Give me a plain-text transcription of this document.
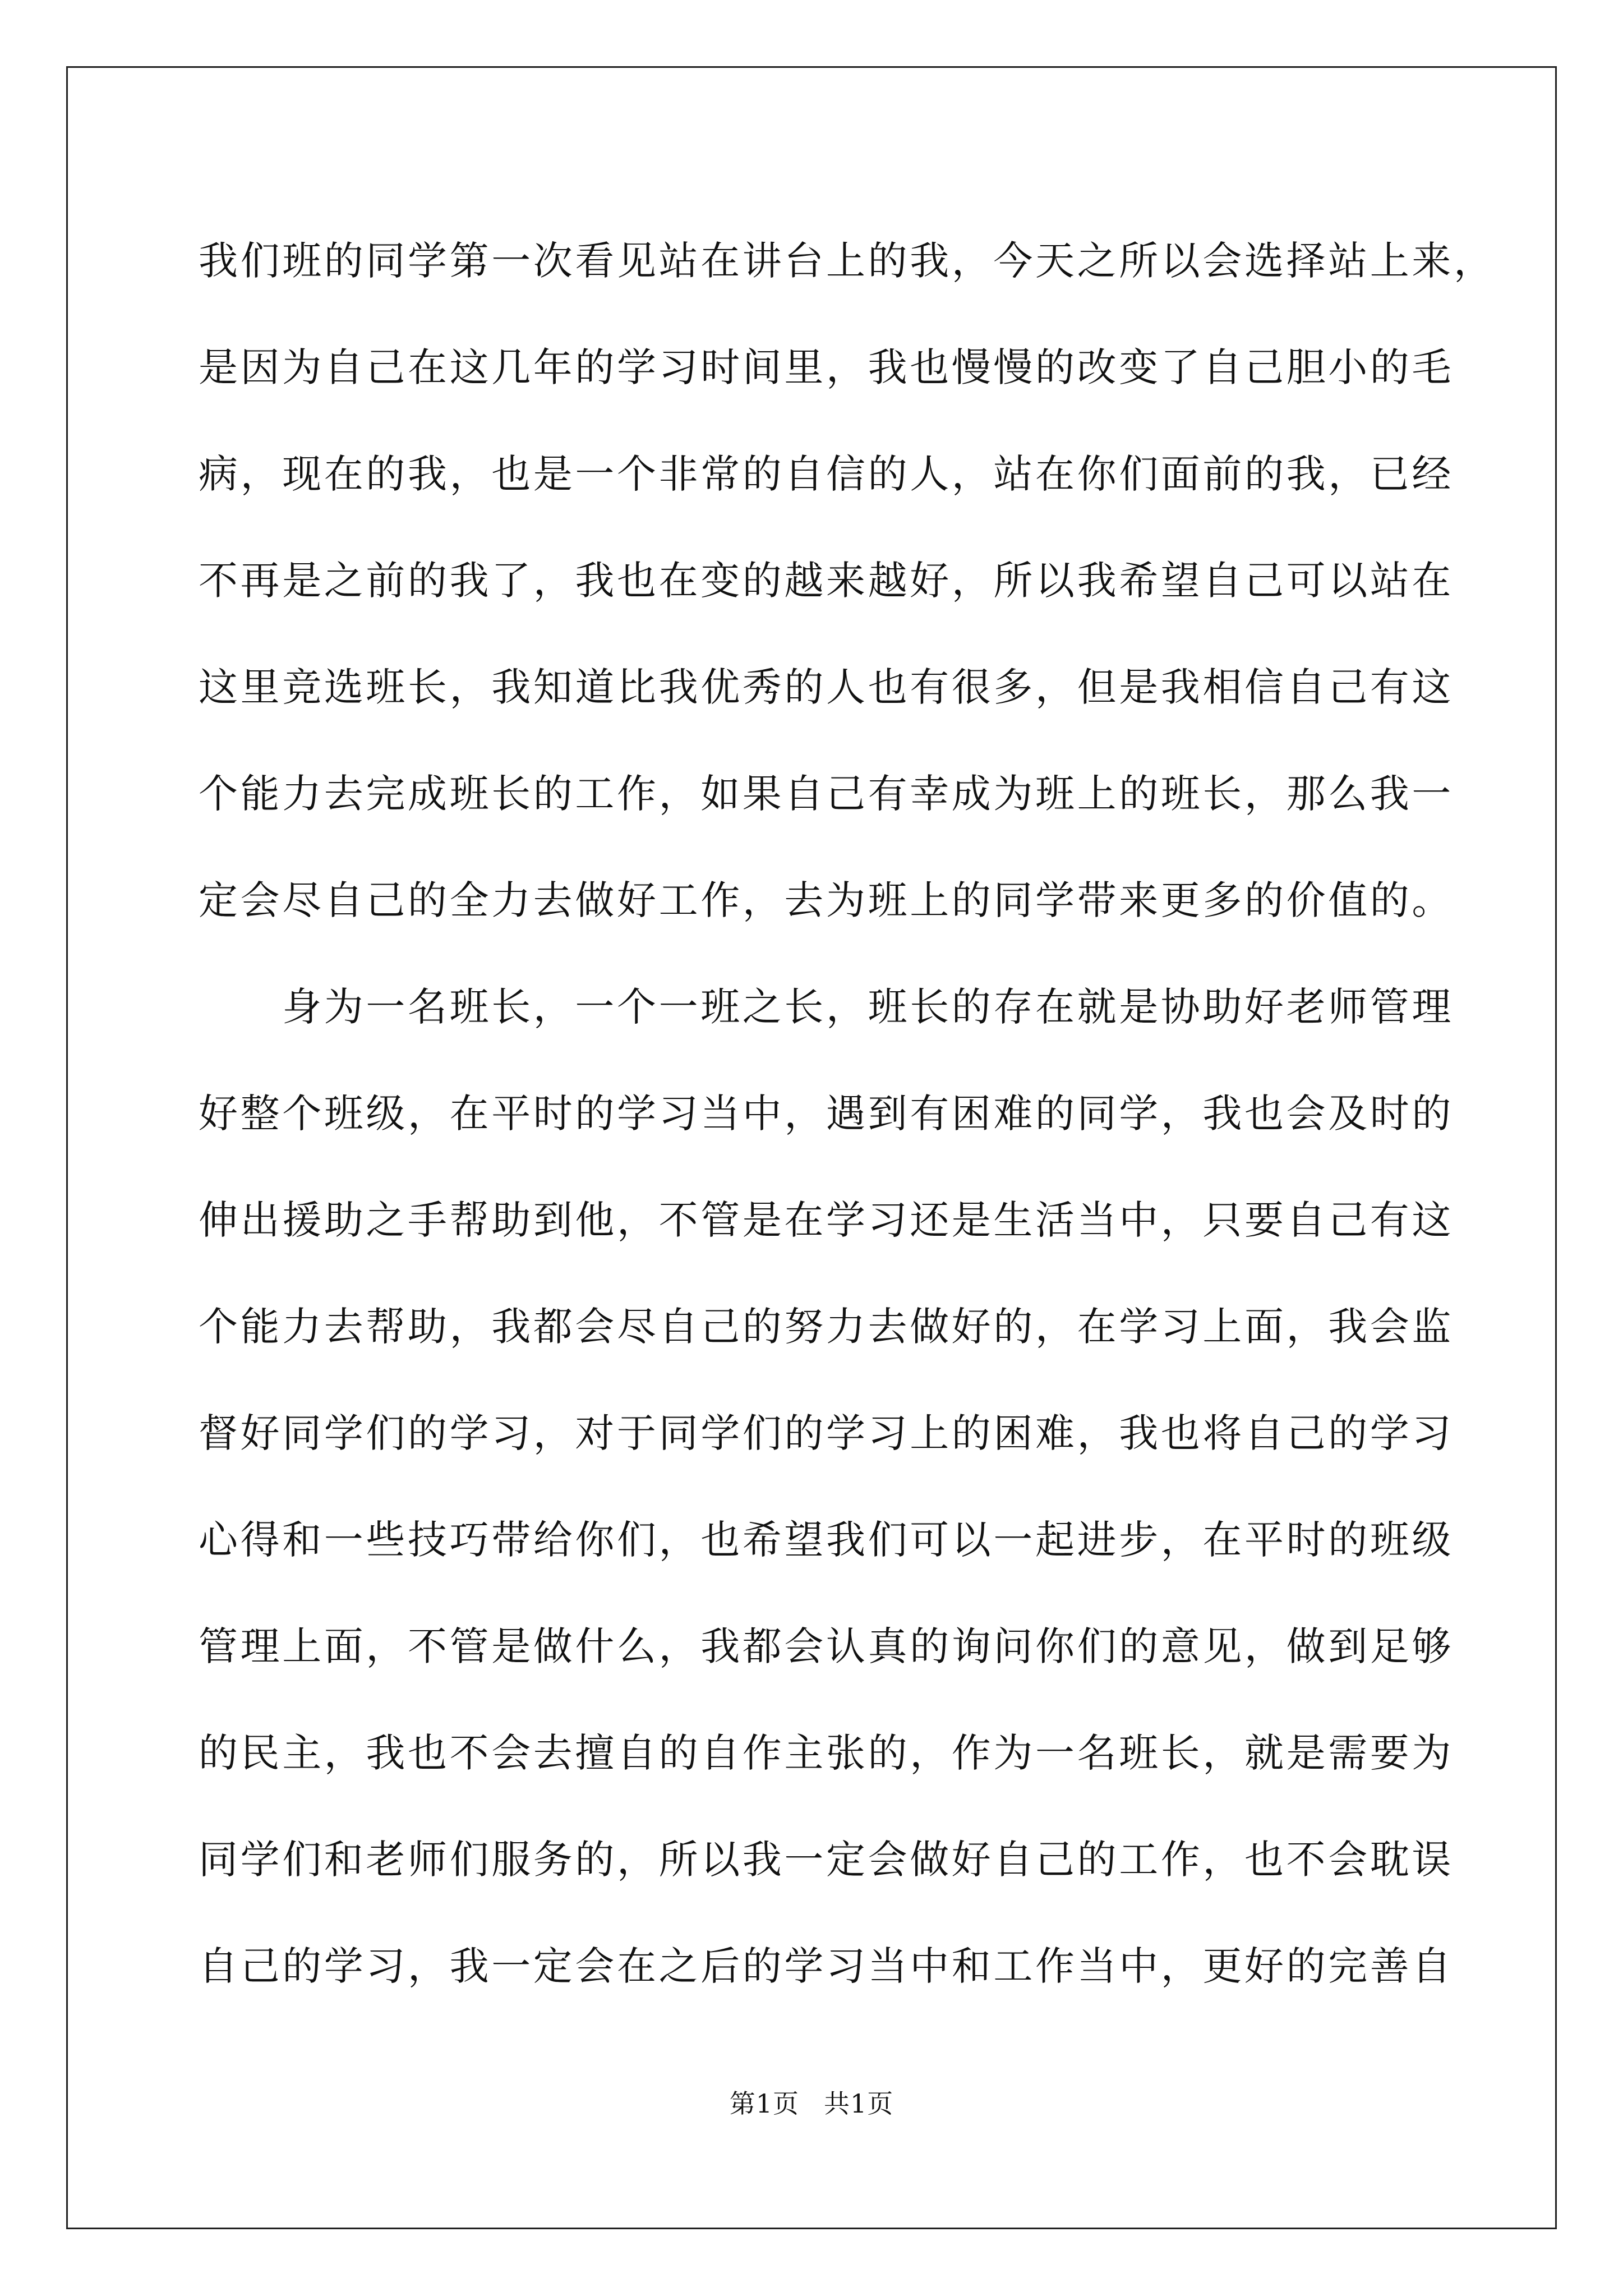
我们班的同学第一次看见站在讲台上的我，今天之所以会选择站上来，
是因为自己在这几年的学习时间里，我也慢慢的改变了自己胆小的毛
病，现在的我，也是一个非常的自信的人，站在你们面前的我，已经
不再是之前的我了，我也在变的越来越好，所以我希望自己可以站在
这里竞选班长，我知道比我优秀的人也有很多，但是我相信自己有这
个能力去完成班长的工作，如果自己有幸成为班上的班长，那么我一
定会尽自己的全力去做好工作，去为班上的同学带来更多的价值的。
　　身为一名班长，一个一班之长，班长的存在就是协助好老师管理
好整个班级，在平时的学习当中，遇到有困难的同学，我也会及时的
伸出援助之手帮助到他，不管是在学习还是生活当中，只要自己有这
个能力去帮助，我都会尽自己的努力去做好的，在学习上面，我会监
督好同学们的学习，对于同学们的学习上的困难，我也将自己的学习
心得和一些技巧带给你们，也希望我们可以一起进步，在平时的班级
管理上面，不管是做什么，我都会认真的询问你们的意见，做到足够
的民主，我也不会去擅自的自作主张的，作为一名班长，就是需要为
同学们和老师们服务的，所以我一定会做好自己的工作，也不会耽误
自己的学习，我一定会在之后的学习当中和工作当中，更好的完善自
第1页 共1页
